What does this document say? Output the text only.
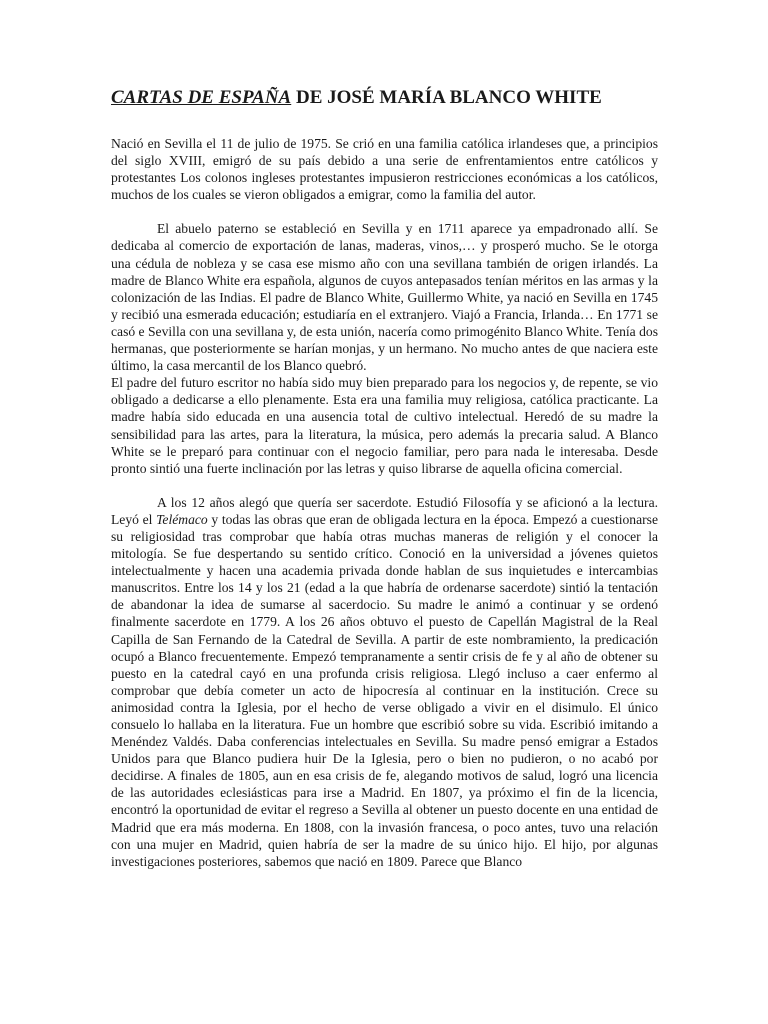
CARTAS DE ESPAÑA DE JOSÉ MARÍA BLANCO WHITE

Nació en Sevilla el 11 de julio de 1975. Se crió en una familia católica irlandeses que, a principios del siglo XVIII, emigró de su país debido a una serie de enfrentamientos entre católicos y protestantes Los colonos ingleses protestantes impusieron restricciones económicas a los católicos, muchos de los cuales se vieron obligados a emigrar, como la familia del autor.

El abuelo paterno se estableció en Sevilla y en 1711 aparece ya empadronado allí. Se dedicaba al comercio de exportación de lanas, maderas, vinos,… y prosperó mucho. Se le otorga una cédula de nobleza y se casa ese mismo año con una sevillana también de origen irlandés. La madre de Blanco White era española, algunos de cuyos antepasados tenían méritos en las armas y la colonización de las Indias. El padre de Blanco White, Guillermo White, ya nació en Sevilla en 1745 y recibió una esmerada educación; estudiaría en el extranjero. Viajó a Francia, Irlanda… En 1771 se casó e Sevilla con una sevillana y, de esta unión, nacería como primogénito Blanco White. Tenía dos hermanas, que posteriormente se harían monjas, y un hermano. No mucho antes de que naciera este último, la casa mercantil de los Blanco quebró.

El padre del futuro escritor no había sido muy bien preparado para los negocios y, de repente, se vio obligado a dedicarse a ello plenamente. Esta era una familia muy religiosa, católica practicante. La madre había sido educada en una ausencia total de cultivo intelectual. Heredó de su madre la sensibilidad para las artes, para la literatura, la música, pero además la precaria salud. A Blanco White se le preparó para continuar con el negocio familiar, pero para nada le interesaba. Desde pronto sintió una fuerte inclinación por las letras y quiso librarse de aquella oficina comercial.

A los 12 años alegó que quería ser sacerdote. Estudió Filosofía y se aficionó a la lectura. Leyó el Telémaco y todas las obras que eran de obligada lectura en la época. Empezó a cuestionarse su religiosidad tras comprobar que había otras muchas maneras de religión y el conocer la mitología. Se fue despertando su sentido crítico. Conoció en la universidad a jóvenes quietos intelectualmente y hacen una academia privada donde hablan de sus inquietudes e intercambias manuscritos. Entre los 14 y los 21 (edad a la que habría de ordenarse sacerdote) sintió la tentación de abandonar la idea de sumarse al sacerdocio. Su madre le animó a continuar y se ordenó finalmente sacerdote en 1779. A los 26 años obtuvo el puesto de Capellán Magistral de la Real Capilla de San Fernando de la Catedral de Sevilla. A partir de este nombramiento, la predicación ocupó a Blanco frecuentemente. Empezó tempranamente a sentir crisis de fe y al año de obtener su puesto en la catedral cayó en una profunda crisis religiosa. Llegó incluso a caer enfermo al comprobar que debía cometer un acto de hipocresía al continuar en la institución. Crece su animosidad contra la Iglesia, por el hecho de verse obligado a vivir en el disimulo. El único consuelo lo hallaba en la literatura. Fue un hombre que escribió sobre su vida. Escribió imitando a Menéndez Valdés. Daba conferencias intelectuales en Sevilla. Su madre pensó emigrar a Estados Unidos para que Blanco pudiera huir De la Iglesia, pero o bien no pudieron, o no acabó por decidirse. A finales de 1805, aun en esa crisis de fe, alegando motivos de salud, logró una licencia de las autoridades eclesiásticas para irse a Madrid. En 1807, ya próximo el fin de la licencia, encontró la oportunidad de evitar el regreso a Sevilla al obtener un puesto docente en una entidad de Madrid que era más moderna. En 1808, con la invasión francesa, o poco antes, tuvo una relación con una mujer en Madrid, quien habría de ser la madre de su único hijo. El hijo, por algunas investigaciones posteriores, sabemos que nació en 1809. Parece que Blanco
